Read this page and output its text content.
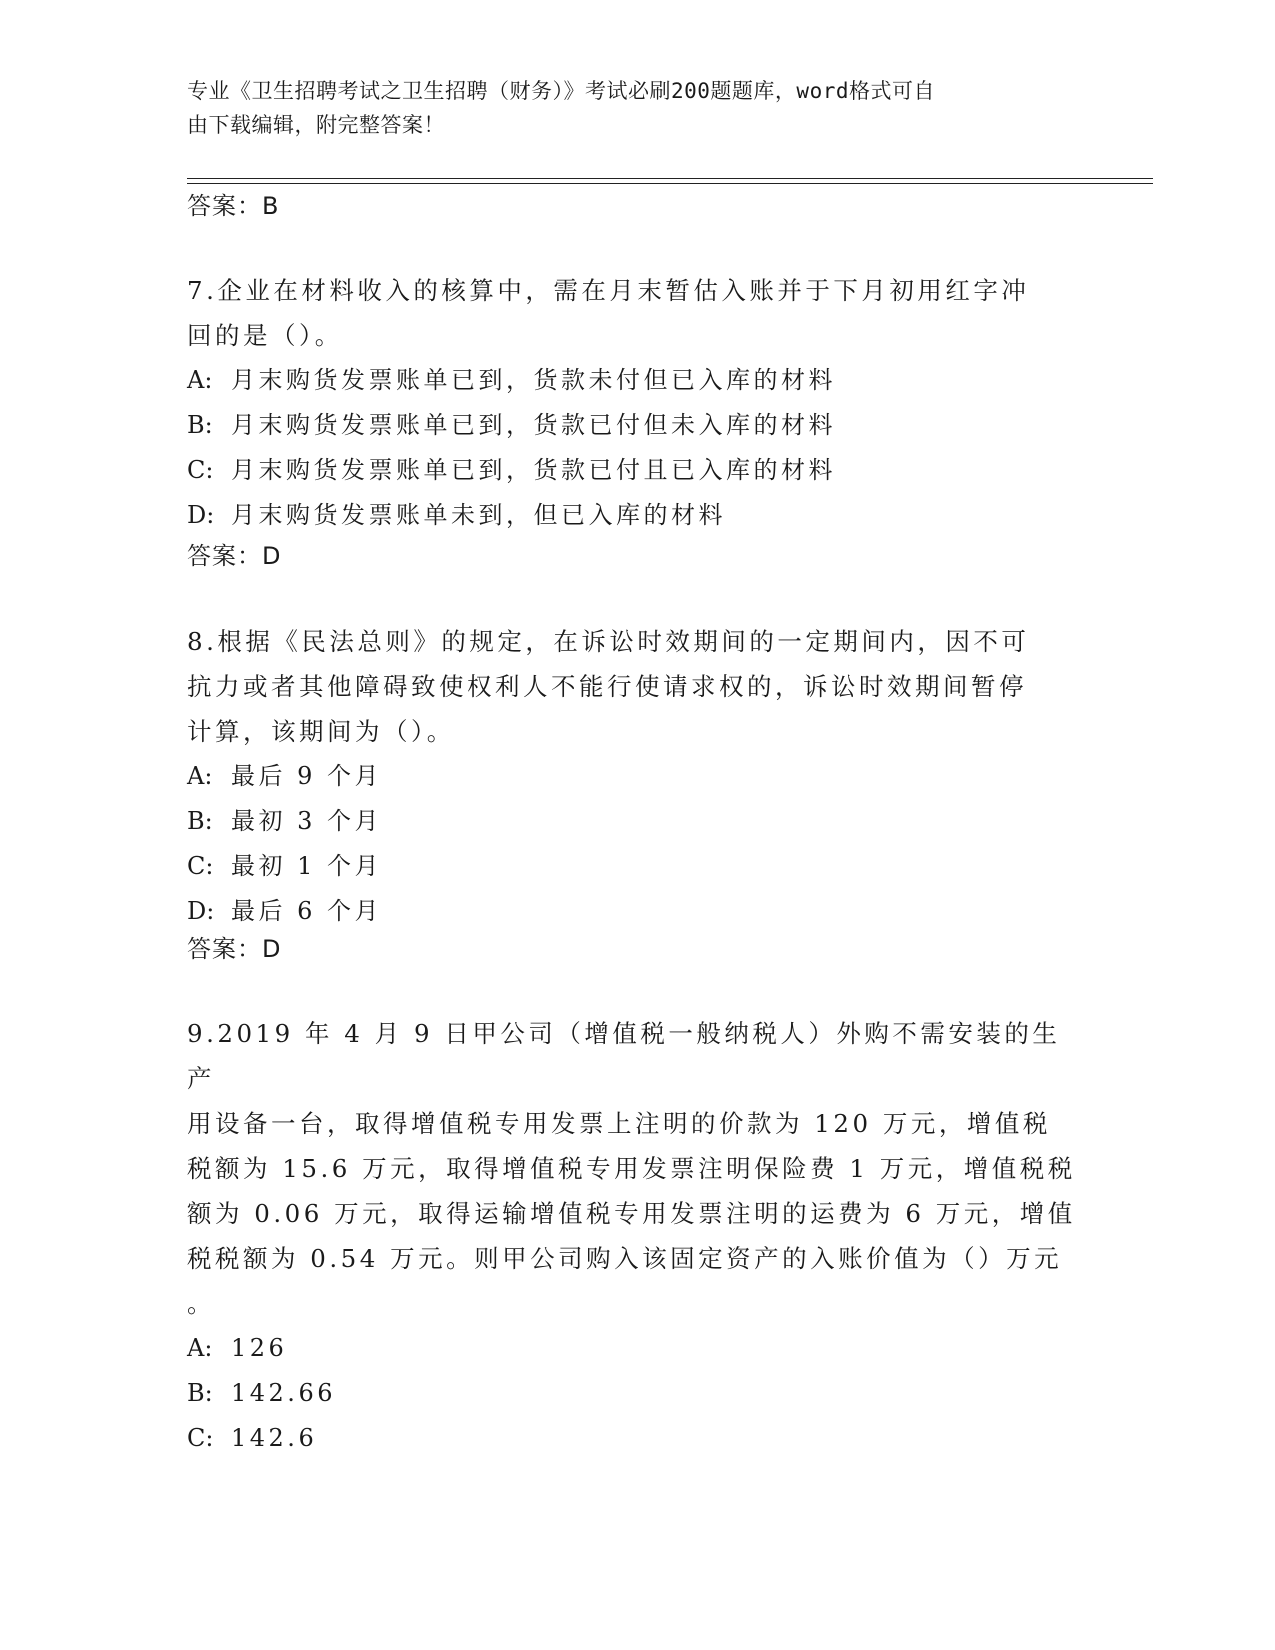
专业《卫生招聘考试之卫生招聘（财务）》考试必刷200题题库，word格式可自
由下载编辑，附完整答案！
答案：B
7.企业在材料收入的核算中，需在月末暂估入账并于下月初用红字冲
回的是（）。
A: 月末购货发票账单已到，货款未付但已入库的材料
B: 月末购货发票账单已到，货款已付但未入库的材料
C: 月末购货发票账单已到，货款已付且已入库的材料
D: 月末购货发票账单未到，但已入库的材料
答案：D
8.根据《民法总则》的规定，在诉讼时效期间的一定期间内，因不可
抗力或者其他障碍致使权利人不能行使请求权的，诉讼时效期间暂停
计算，该期间为（）。
A: 最后 9 个月
B: 最初 3 个月
C: 最初 1 个月
D: 最后 6 个月
答案：D
9.2019 年 4 月 9 日甲公司（增值税一般纳税人）外购不需安装的生产
用设备一台，取得增值税专用发票上注明的价款为 120 万元，增值税
税额为 15.6 万元，取得增值税专用发票注明保险费 1 万元，增值税税
额为 0.06 万元，取得运输增值税专用发票注明的运费为 6 万元，增值
税税额为 0.54 万元。则甲公司购入该固定资产的入账价值为（）万元
。
A: 126
B: 142.66
C: 142.6
